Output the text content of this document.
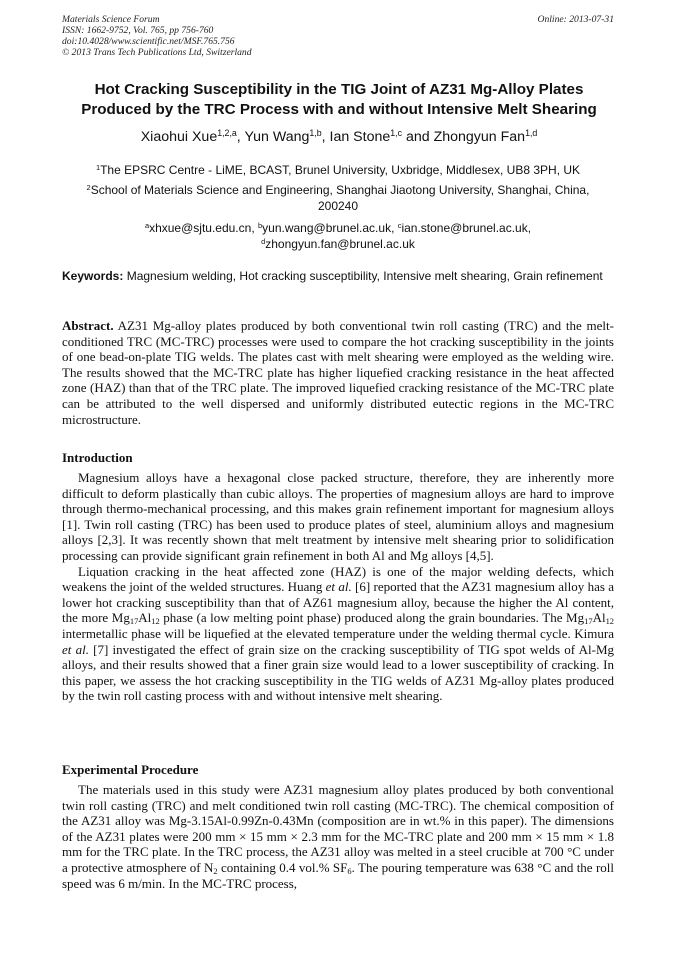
Materials Science Forum
ISSN: 1662-9752, Vol. 765, pp 756-760
doi:10.4028/www.scientific.net/MSF.765.756
© 2013 Trans Tech Publications Ltd, Switzerland
Online: 2013-07-31
Hot Cracking Susceptibility in the TIG Joint of AZ31 Mg-Alloy Plates
Produced by the TRC Process with and without Intensive Melt Shearing
Xiaohui Xue$^{1,2,a}$, Yun Wang$^{1,b}$, Ian Stone$^{1,c}$ and Zhongyun Fan$^{1,d}$
$^1$The EPSRC Centre - LiME, BCAST, Brunel University, Uxbridge, Middlesex, UB8 3PH, UK
$^2$School of Materials Science and Engineering, Shanghai Jiaotong University, Shanghai, China,
200240
$^a$xhxue@sjtu.edu.cn, $^b$yun.wang@brunel.ac.uk, $^c$ian.stone@brunel.ac.uk,
$^d$zhongyun.fan@brunel.ac.uk
Keywords: Magnesium welding, Hot cracking susceptibility, Intensive melt shearing, Grain refinement

Abstract. AZ31 Mg-alloy plates produced by both conventional twin roll casting (TRC) and the melt-conditioned TRC (MC-TRC) processes were used to compare the hot cracking susceptibility in the joints of one bead-on-plate TIG welds. The plates cast with melt shearing were employed as the welding wire. The results showed that the MC-TRC plate has higher liquefied cracking resistance in the heat affected zone (HAZ) than that of the TRC plate. The improved liquefied cracking resistance of the MC-TRC plate can be attributed to the well dispersed and uniformly distributed eutectic regions in the MC-TRC microstructure.

Introduction

Magnesium alloys have a hexagonal close packed structure, therefore, they are inherently more difficult to deform plastically than cubic alloys. The properties of magnesium alloys are hard to improve through thermo-mechanical processing, and this makes grain refinement important for magnesium alloys [1]. Twin roll casting (TRC) has been used to produce plates of steel, aluminium alloys and magnesium alloys [2,3]. It was recently shown that melt treatment by intensive melt shearing prior to solidification processing can provide significant grain refinement in both Al and Mg alloys [4,5].

Liquation cracking in the heat affected zone (HAZ) is one of the major welding defects, which weakens the joint of the welded structures. Huang et al. [6] reported that the AZ31 magnesium alloy has a lower hot cracking susceptibility than that of AZ61 magnesium alloy, because the higher the Al content, the more $Mg_{17}Al_{12}$ phase (a low melting point phase) produced along the grain boundaries. The $Mg_{17}Al_{12}$ intermetallic phase will be liquefied at the elevated temperature under the welding thermal cycle. Kimura et al. [7] investigated the effect of grain size on the cracking susceptibility of TIG spot welds of Al-Mg alloys, and their results showed that a finer grain size would lead to a lower susceptibility of cracking. In this paper, we assess the hot cracking susceptibility in the TIG welds of AZ31 Mg-alloy plates produced by the twin roll casting process with and without intensive melt shearing.

Experimental Procedure

The materials used in this study were AZ31 magnesium alloy plates produced by both conventional twin roll casting (TRC) and melt conditioned twin roll casting (MC-TRC). The chemical composition of the AZ31 alloy was Mg-3.15Al-0.99Zn-0.43Mn (composition are in wt.% in this paper). The dimensions of the AZ31 plates were 200 mm × 15 mm × 2.3 mm for the MC-TRC plate and 200 mm × 15 mm × 1.8 mm for the TRC plate. In the TRC process, the AZ31 alloy was melted in a steel crucible at 700 °C under a protective atmosphere of $N_2$ containing 0.4 vol.% $SF_6$. The pouring temperature was 638 °C and the roll speed was 6 m/min. In the MC-TRC process,
